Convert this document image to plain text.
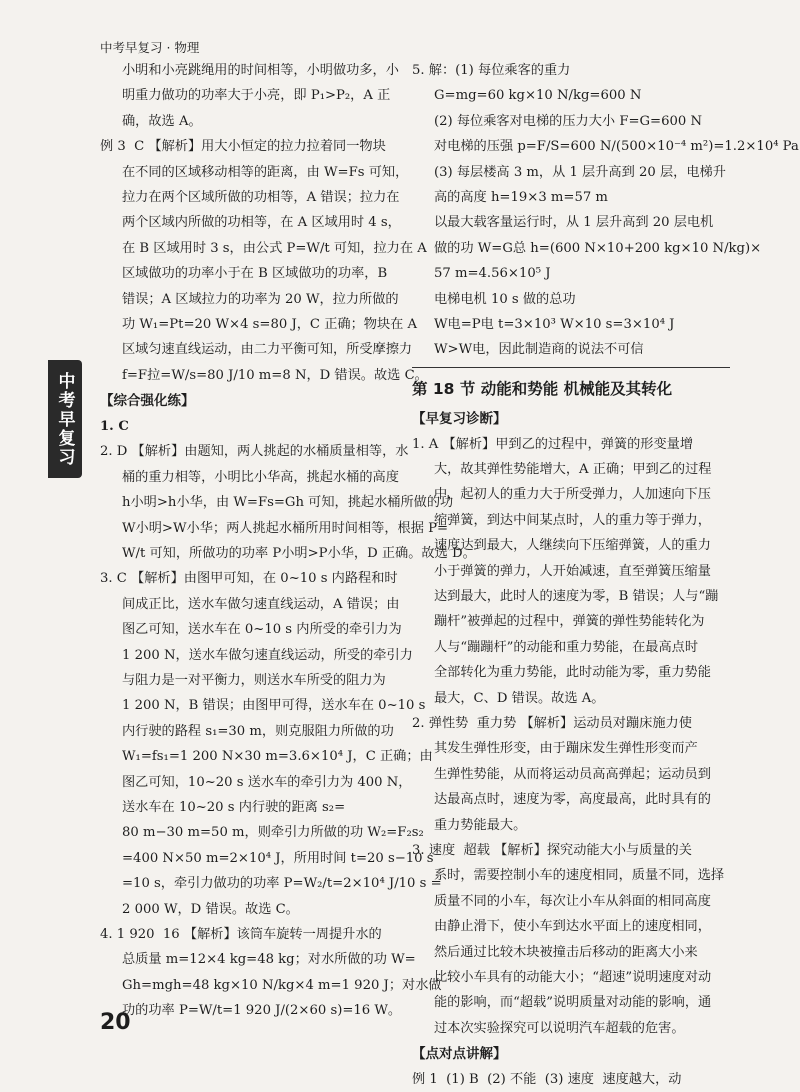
中考早复习 · 物理
中考早复习
小明和小亮跳绳用的时间相等，小明做功多，小
明重力做功的功率大于小亮，即 P₁>P₂，A 正
确，故选 A。
例 3  C 【解析】用大小恒定的拉力拉着同一物块
在不同的区域移动相等的距离，由 W=Fs 可知，
拉力在两个区域所做的功相等，A 错误；拉力在
两个区域内所做的功相等，在 A 区域用时 4 s，
在 B 区域用时 3 s，由公式 P=W/t 可知，拉力在 A
区域做功的功率小于在 B 区域做功的功率，B
错误；A 区域拉力的功率为 20 W，拉力所做的
功 W₁=Pt=20 W×4 s=80 J，C 正确；物块在 A
区域匀速直线运动，由二力平衡可知，所受摩擦力
f=F拉=W/s=80 J/10 m=8 N，D 错误。故选 C。
【综合强化练】
1. C
2. D 【解析】由题知，两人挑起的水桶质量相等，水
桶的重力相等，小明比小华高，挑起水桶的高度
h小明>h小华，由 W=Fs=Gh 可知，挑起水桶所做的功
W小明>W小华；两人挑起水桶所用时间相等，根据 P=
W/t 可知，所做功的功率 P小明>P小华，D 正确。故选 D。
3. C 【解析】由图甲可知，在 0~10 s 内路程和时
间成正比，送水车做匀速直线运动，A 错误；由
图乙可知，送水车在 0~10 s 内所受的牵引力为
1 200 N，送水车做匀速直线运动，所受的牵引力
与阻力是一对平衡力，则送水车所受的阻力为
1 200 N，B 错误；由图甲可得，送水车在 0~10 s
内行驶的路程 s₁=30 m，则克服阻力所做的功
W₁=fs₁=1 200 N×30 m=3.6×10⁴ J，C 正确；由
图乙可知，10~20 s 送水车的牵引力为 400 N，
送水车在 10~20 s 内行驶的距离 s₂=
80 m−30 m=50 m，则牵引力所做的功 W₂=F₂s₂
=400 N×50 m=2×10⁴ J，所用时间 t=20 s−10 s
=10 s，牵引力做功的功率 P=W₂/t=2×10⁴ J/10 s =
2 000 W，D 错误。故选 C。
4. 1 920  16 【解析】该筒车旋转一周提升水的
总质量 m=12×4 kg=48 kg；对水所做的功 W=
Gh=mgh=48 kg×10 N/kg×4 m=1 920 J；对水做
功的功率 P=W/t=1 920 J/(2×60 s)=16 W。
5. 解：(1) 每位乘客的重力
G=mg=60 kg×10 N/kg=600 N
(2) 每位乘客对电梯的压力大小 F=G=600 N
对电梯的压强 p=F/S=600 N/(500×10⁻⁴ m²)=1.2×10⁴ Pa
(3) 每层楼高 3 m，从 1 层升高到 20 层，电梯升
高的高度 h=19×3 m=57 m
以最大载客量运行时，从 1 层升高到 20 层电机
做的功 W=G总 h=(600 N×10+200 kg×10 N/kg)×
57 m=4.56×10⁵ J
电梯电机 10 s 做的总功
W电=P电 t=3×10³ W×10 s=3×10⁴ J
W>W电，因此制造商的说法不可信
第 18 节 动能和势能 机械能及其转化
【早复习诊断】
1. A 【解析】甲到乙的过程中，弹簧的形变量增
大，故其弹性势能增大，A 正确；甲到乙的过程
中，起初人的重力大于所受弹力，人加速向下压
缩弹簧，到达中间某点时，人的重力等于弹力，
速度达到最大，人继续向下压缩弹簧，人的重力
小于弹簧的弹力，人开始减速，直至弹簧压缩量
达到最大，此时人的速度为零，B 错误；人与“蹦
蹦杆”被弹起的过程中，弹簧的弹性势能转化为
人与“蹦蹦杆”的动能和重力势能，在最高点时
全部转化为重力势能，此时动能为零，重力势能
最大，C、D 错误。故选 A。
2. 弹性势  重力势 【解析】运动员对蹦床施力使
其发生弹性形变，由于蹦床发生弹性形变而产
生弹性势能，从而将运动员高高弹起；运动员到
达最高点时，速度为零，高度最高，此时具有的
重力势能最大。
3. 速度  超载 【解析】探究动能大小与质量的关
系时，需要控制小车的速度相同，质量不同，选择
质量不同的小车，每次让小车从斜面的相同高度
由静止滑下，使小车到达水平面上的速度相同，
然后通过比较木块被撞击后移动的距离大小来
比较小车具有的动能大小；“超速”说明速度对动
能的影响，而“超载”说明质量对动能的影响，通
过本次实验探究可以说明汽车超载的危害。
【点对点讲解】
例 1  (1) B  (2) 不能  (3) 速度  速度越大，动
20
